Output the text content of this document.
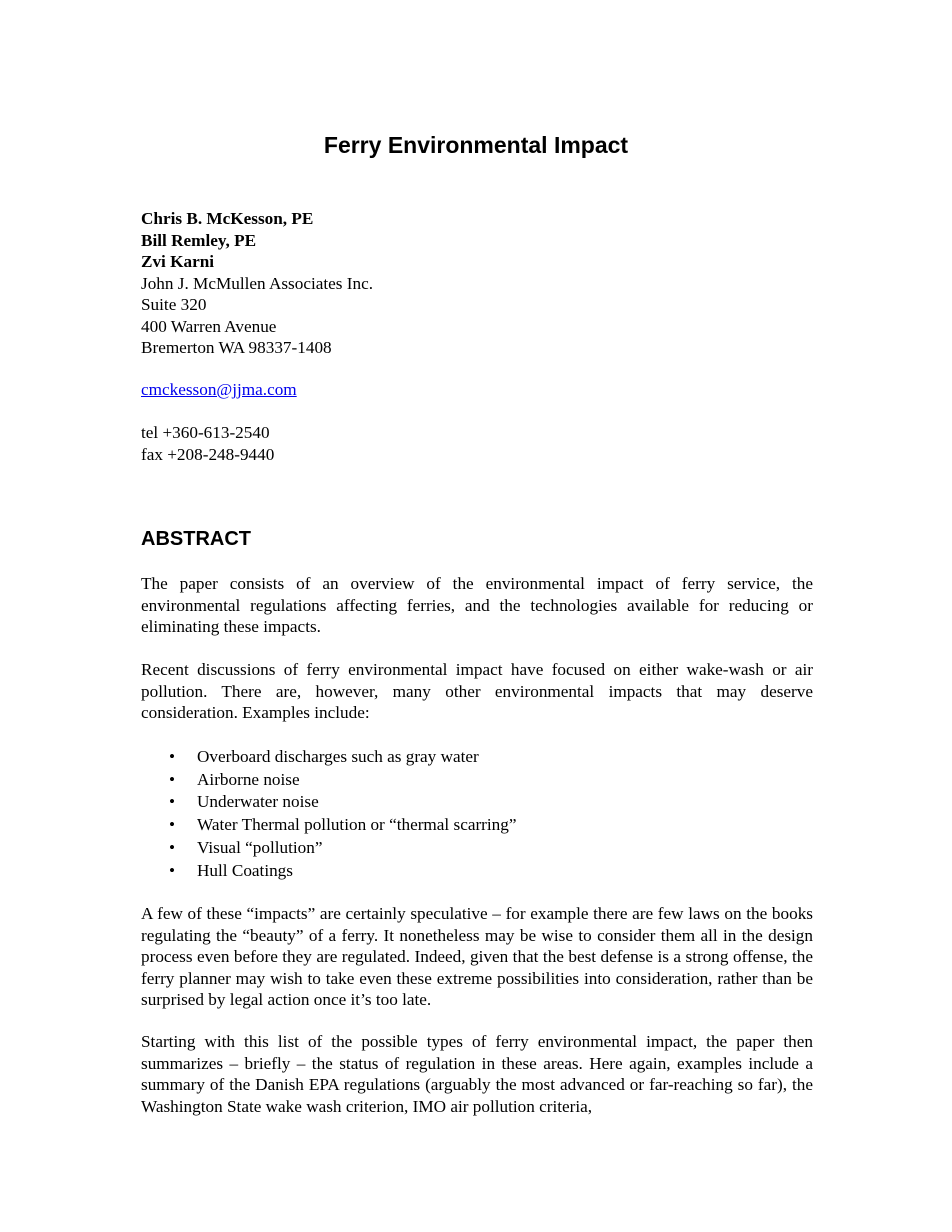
Ferry Environmental Impact
Chris B. McKesson, PE
Bill Remley, PE
Zvi Karni
John J. McMullen Associates Inc.
Suite 320
400 Warren Avenue
Bremerton WA 98337-1408
cmckesson@jjma.com
tel +360-613-2540
fax +208-248-9440
ABSTRACT

The paper consists of an overview of the environmental impact of ferry service, the environmental regulations affecting ferries, and the technologies available for reducing or eliminating these impacts.

Recent discussions of ferry environmental impact have focused on either wake-wash or air pollution. There are, however, many other environmental impacts that may deserve consideration. Examples include:

• Overboard discharges such as gray water
• Airborne noise
• Underwater noise
• Water Thermal pollution or “thermal scarring”
• Visual “pollution”
• Hull Coatings

A few of these “impacts” are certainly speculative – for example there are few laws on the books regulating the “beauty” of a ferry. It nonetheless may be wise to consider them all in the design process even before they are regulated. Indeed, given that the best defense is a strong offense, the ferry planner may wish to take even these extreme possibilities into consideration, rather than be surprised by legal action once it’s too late.

Starting with this list of the possible types of ferry environmental impact, the paper then summarizes – briefly – the status of regulation in these areas. Here again, examples include a summary of the Danish EPA regulations (arguably the most advanced or far-reaching so far), the Washington State wake wash criterion, IMO air pollution criteria,
